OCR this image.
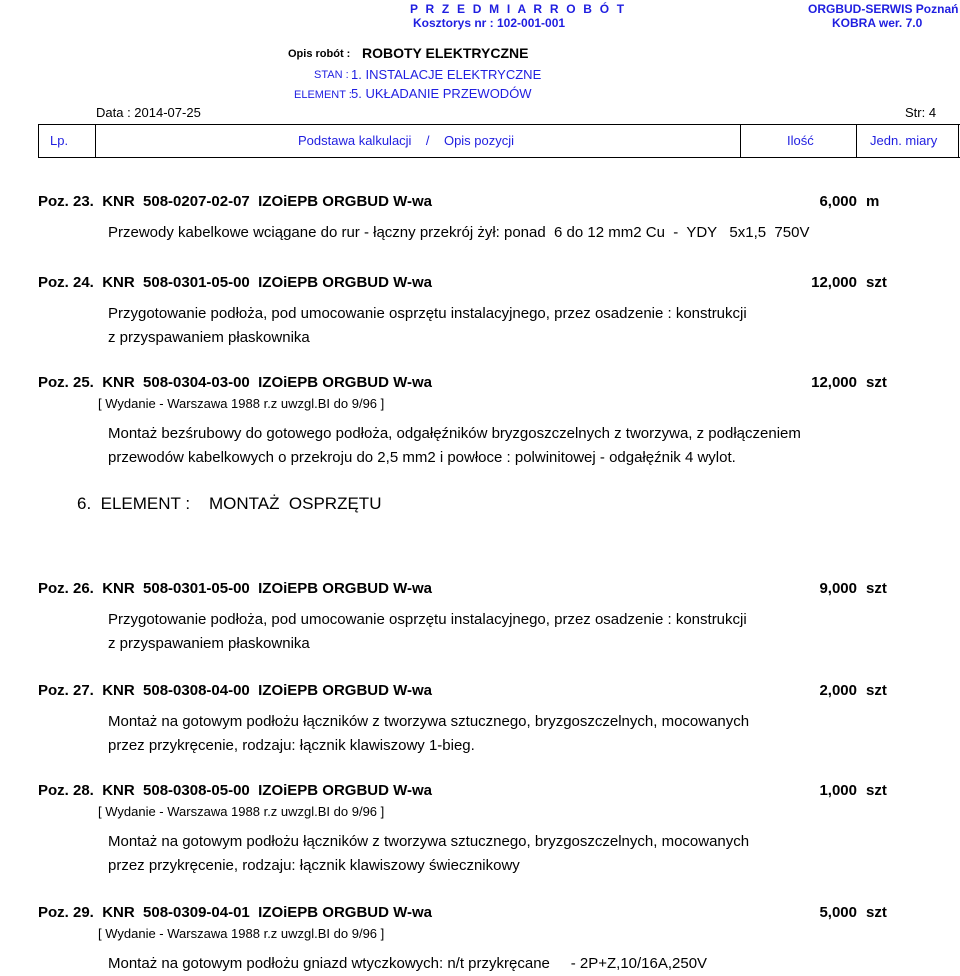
P R Z E D M I A R R O B Ó T
Kosztorys nr : 102-001-001
ORGBUD-SERWIS Poznań
KOBRA wer. 7.0
Opis robót : ROBOTY ELEKTRYCZNE
STAN : 1. INSTALACJE ELEKTRYCZNE
ELEMENT : 5. UKŁADANIE PRZEWODÓW
Data : 2014-07-25	Str: 4
Lp.	Podstawa kalkulacji    /    Opis pozycji	Ilość	Jedn. miary
Poz. 23.  KNR  508-0207-02-07  IZOiEPB ORGBUD W-wa	6,000 m
Przewody kabelkowe wciągane do rur - łączny przekrój żył: ponad  6 do 12 mm2 Cu  -  YDY   5x1,5  750V
Poz. 24.  KNR  508-0301-05-00  IZOiEPB ORGBUD W-wa	12,000 szt
Przygotowanie podłoża, pod umocowanie osprzętu instalacyjnego, przez osadzenie : konstrukcji z przyspawaniem płaskownika
Poz. 25.  KNR  508-0304-03-00  IZOiEPB ORGBUD W-wa	12,000 szt
[ Wydanie - Warszawa 1988 r.z uwzgl.BI do 9/96 ]
Montaż bezśrubowy do gotowego podłoża, odgałęźników bryzgoszczelnych z tworzywa, z podłączeniem przewodów kabelkowych o przekroju do 2,5 mm2 i powłoce : polwinitowej - odgałęźnik 4 wylot.
6.  ELEMENT :    MONTAŻ  OSPRZĘTU
Poz. 26.  KNR  508-0301-05-00  IZOiEPB ORGBUD W-wa	9,000 szt
Przygotowanie podłoża, pod umocowanie osprzętu instalacyjnego, przez osadzenie : konstrukcji z przyspawaniem płaskownika
Poz. 27.  KNR  508-0308-04-00  IZOiEPB ORGBUD W-wa	2,000 szt
Montaż na gotowym podłożu łączników z tworzywa sztucznego, bryzgoszczelnych, mocowanych przez przykręcenie, rodzaju: łącznik klawiszowy 1-bieg.
Poz. 28.  KNR  508-0308-05-00  IZOiEPB ORGBUD W-wa	1,000 szt
[ Wydanie - Warszawa 1988 r.z uwzgl.BI do 9/96 ]
Montaż na gotowym podłożu łączników z tworzywa sztucznego, bryzgoszczelnych, mocowanych przez przykręcenie, rodzaju: łącznik klawiszowy świecznikowy
Poz. 29.  KNR  508-0309-04-01  IZOiEPB ORGBUD W-wa	5,000 szt
[ Wydanie - Warszawa 1988 r.z uwzgl.BI do 9/96 ]
Montaż na gotowym podłożu gniazd wtyczkowych: n/t przykręcane     - 2P+Z,10/16A,250V
